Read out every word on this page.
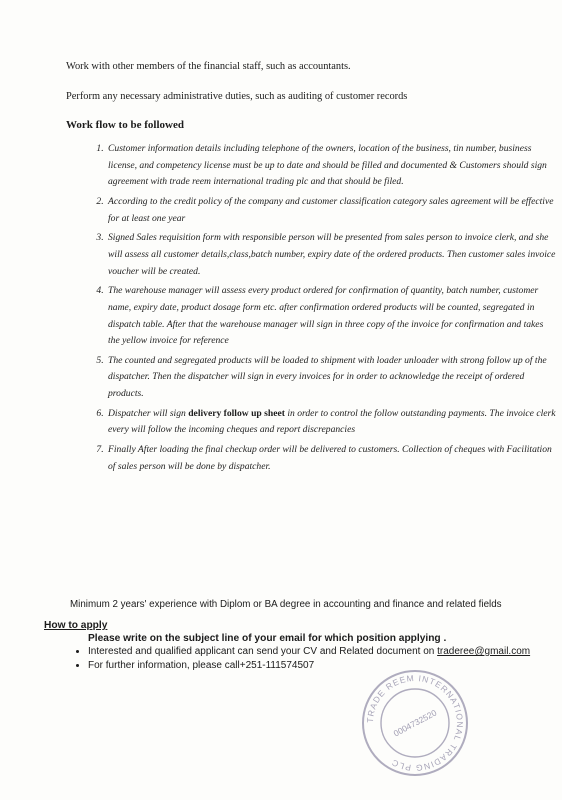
Work with other members of the financial staff, such as accountants.
Perform any necessary administrative duties, such as auditing of customer records
Work flow to be followed
1. Customer information details including telephone of the owners, location of the business, tin number, business license, and competency license must be up to date and should be filled and documented & Customers should sign agreement with trade reem international trading plc and that should be filed.
2. According to the credit policy of the company and customer classification category sales agreement will be effective for at least one year
3. Signed Sales requisition form with responsible person will be presented from sales person to invoice clerk, and she will assess all customer details,class,batch number, expiry date of the ordered products. Then customer sales invoice voucher will be created.
4. The warehouse manager will assess every product ordered for confirmation of quantity, batch number, customer name, expiry date, product dosage form etc. after confirmation ordered products will be counted, segregated in dispatch table. After that the warehouse manager will sign in three copy of the invoice for confirmation and takes the yellow invoice for reference
5. The counted and segregated products will be loaded to shipment with loader unloader with strong follow up of the dispatcher. Then the dispatcher will sign in every invoices for in order to acknowledge the receipt of ordered products.
6. Dispatcher will sign delivery follow up sheet in order to control the follow outstanding payments. The invoice clerk every will follow the incoming cheques and report discrepancies
7. Finally After loading the final checkup order will be delivered to customers. Collection of cheques with Facilitation of sales person will be done by dispatcher.
Minimum 2 years' experience with Diplom or BA degree in accounting and finance and related fields
How to apply
Please write on the subject line of your email for which position applying .
• Interested and qualified applicant can send your CV and Related document on traderee@gmail.com
• For further information, please call+251-111574507
TRADE REEM INTERNATIONAL TRADING PLC
0004732520
